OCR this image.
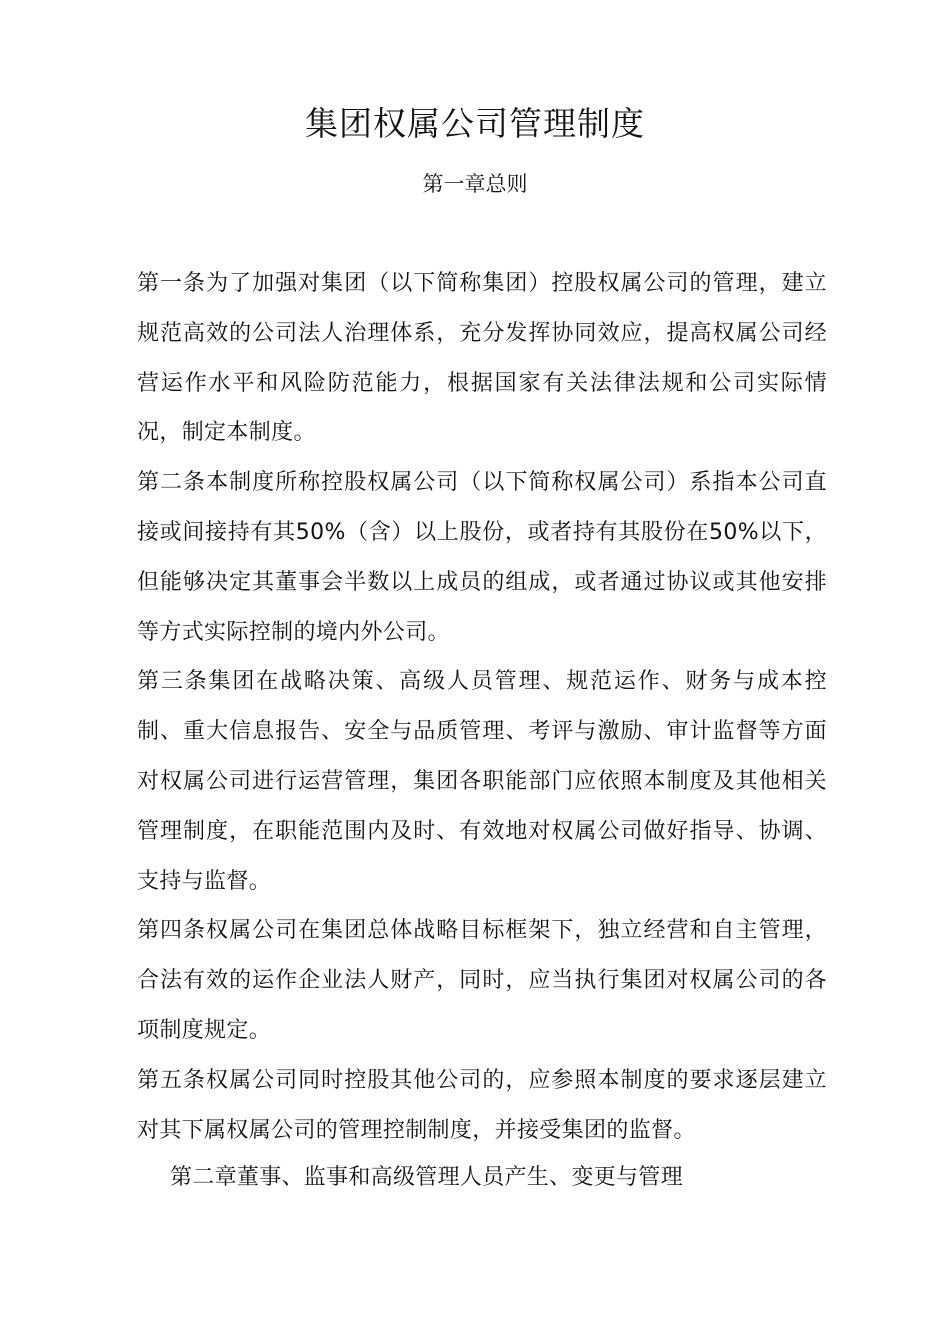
集团权属公司管理制度
第一章总则

第一条为了加强对集团（以下简称集团）控股权属公司的管理，建立规范高效的公司法人治理体系，充分发挥协同效应，提高权属公司经营运作水平和风险防范能力，根据国家有关法律法规和公司实际情况，制定本制度。

第二条本制度所称控股权属公司（以下简称权属公司）系指本公司直接或间接持有其50%（含）以上股份，或者持有其股份在50%以下，但能够决定其董事会半数以上成员的组成，或者通过协议或其他安排等方式实际控制的境内外公司。

第三条集团在战略决策、高级人员管理、规范运作、财务与成本控制、重大信息报告、安全与品质管理、考评与激励、审计监督等方面对权属公司进行运营管理，集团各职能部门应依照本制度及其他相关管理制度，在职能范围内及时、有效地对权属公司做好指导、协调、支持与监督。

第四条权属公司在集团总体战略目标框架下，独立经营和自主管理，合法有效的运作企业法人财产，同时，应当执行集团对权属公司的各项制度规定。

第五条权属公司同时控股其他公司的，应参照本制度的要求逐层建立对其下属权属公司的管理控制制度，并接受集团的监督。

第二章董事、监事和高级管理人员产生、变更与管理
